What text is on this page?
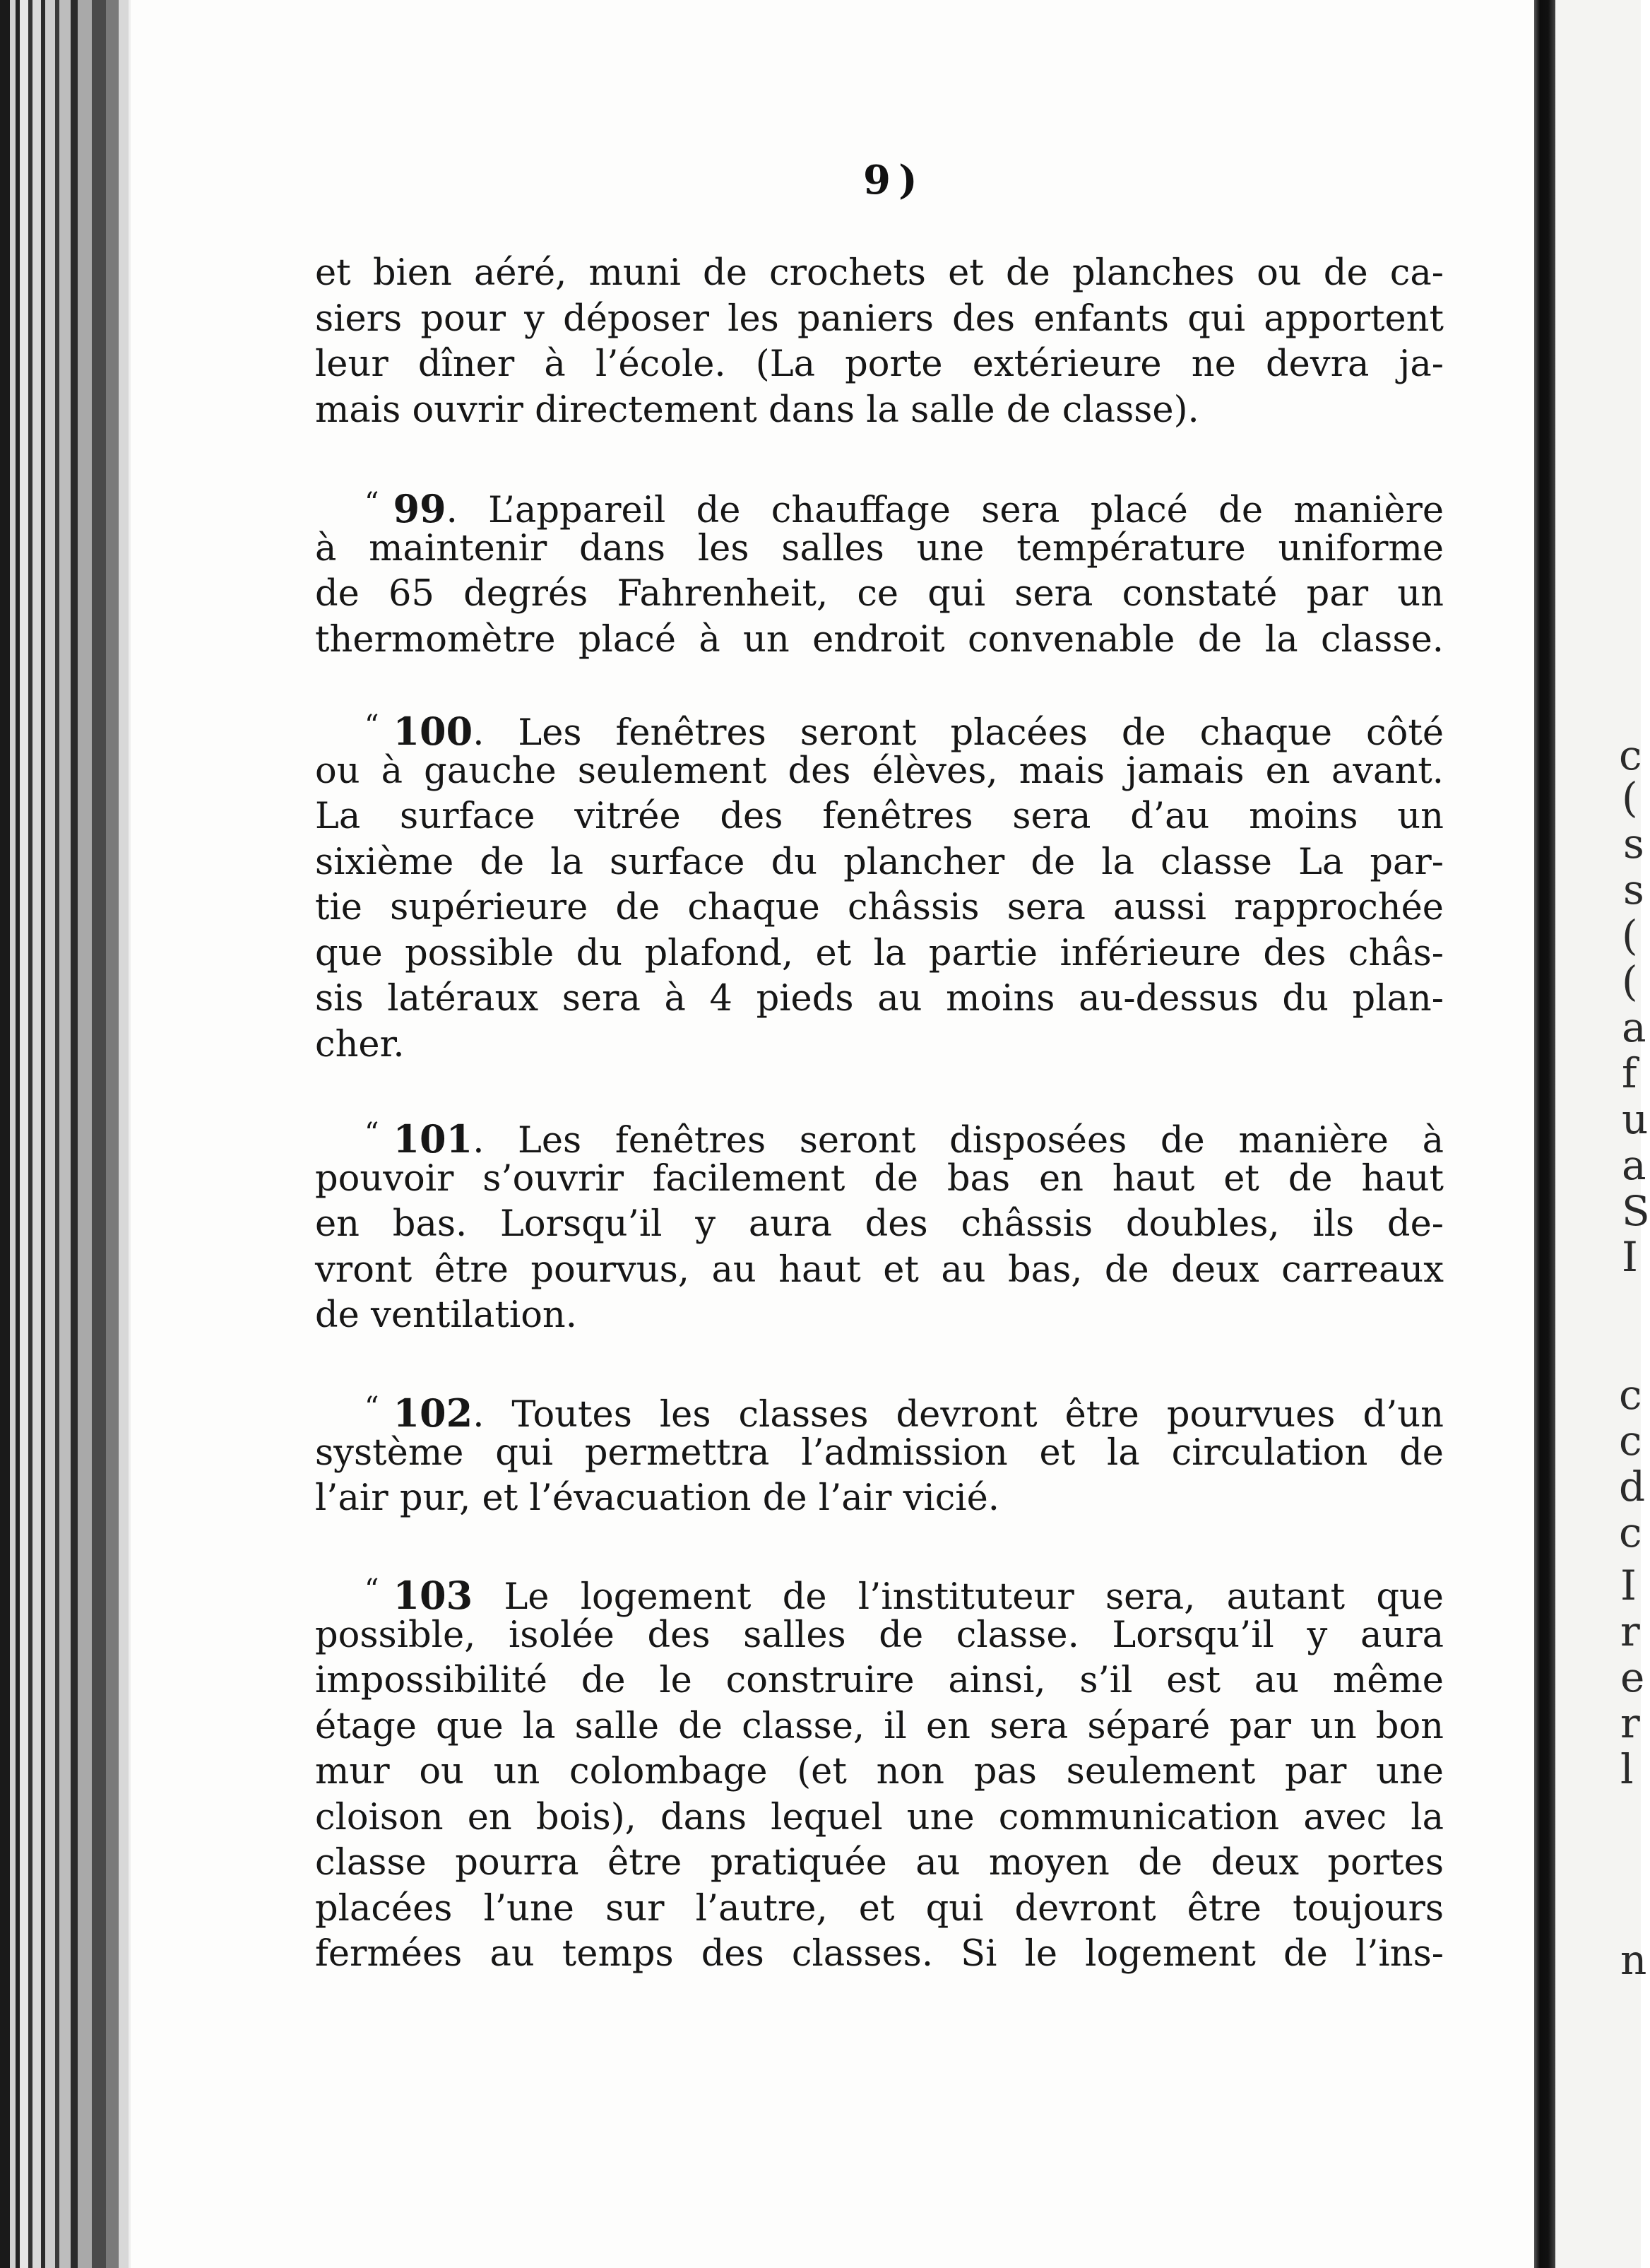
c
(
s
s
(
(
a
f
u
a
S
I
c
c
d
c
I
r
e
r
l
n
9 )
et bien aéré, muni de crochets et de planches ou de ca-
siers pour y déposer les paniers des enfants qui apportent
leur dîner à l’école. (La porte extérieure ne devra ja-
mais ouvrir directement dans la salle de classe).
“ 99. L’appareil de chauffage sera placé de manière
à maintenir dans les salles une température uniforme
de 65 degrés Fahrenheit, ce qui sera constaté par un
thermomètre placé à un endroit convenable de la classe.
“ 100. Les fenêtres seront placées de chaque côté
ou à gauche seulement des élèves, mais jamais en avant.
La surface vitrée des fenêtres sera d’au moins un
sixième de la surface du plancher de la classe La par-
tie supérieure de chaque châssis sera aussi rapprochée
que possible du plafond, et la partie inférieure des châs-
sis latéraux sera à 4 pieds au moins au-dessus du plan-
cher.
“ 101. Les fenêtres seront disposées de manière à
pouvoir s’ouvrir facilement de bas en haut et de haut
en bas. Lorsqu’il y aura des châssis doubles, ils de-
vront être pourvus, au haut et au bas, de deux carreaux
de ventilation.
“ 102. Toutes les classes devront être pourvues d’un
système qui permettra l’admission et la circulation de
l’air pur, et l’évacuation de l’air vicié.
“ 103 Le logement de l’instituteur sera, autant que
possible, isolée des salles de classe. Lorsqu’il y aura
impossibilité de le construire ainsi, s’il est au même
étage que la salle de classe, il en sera séparé par un bon
mur ou un colombage (et non pas seulement par une
cloison en bois), dans lequel une communication avec la
classe pourra être pratiquée au moyen de deux portes
placées l’une sur l’autre, et qui devront être toujours
fermées au temps des classes. Si le logement de l’ins-
